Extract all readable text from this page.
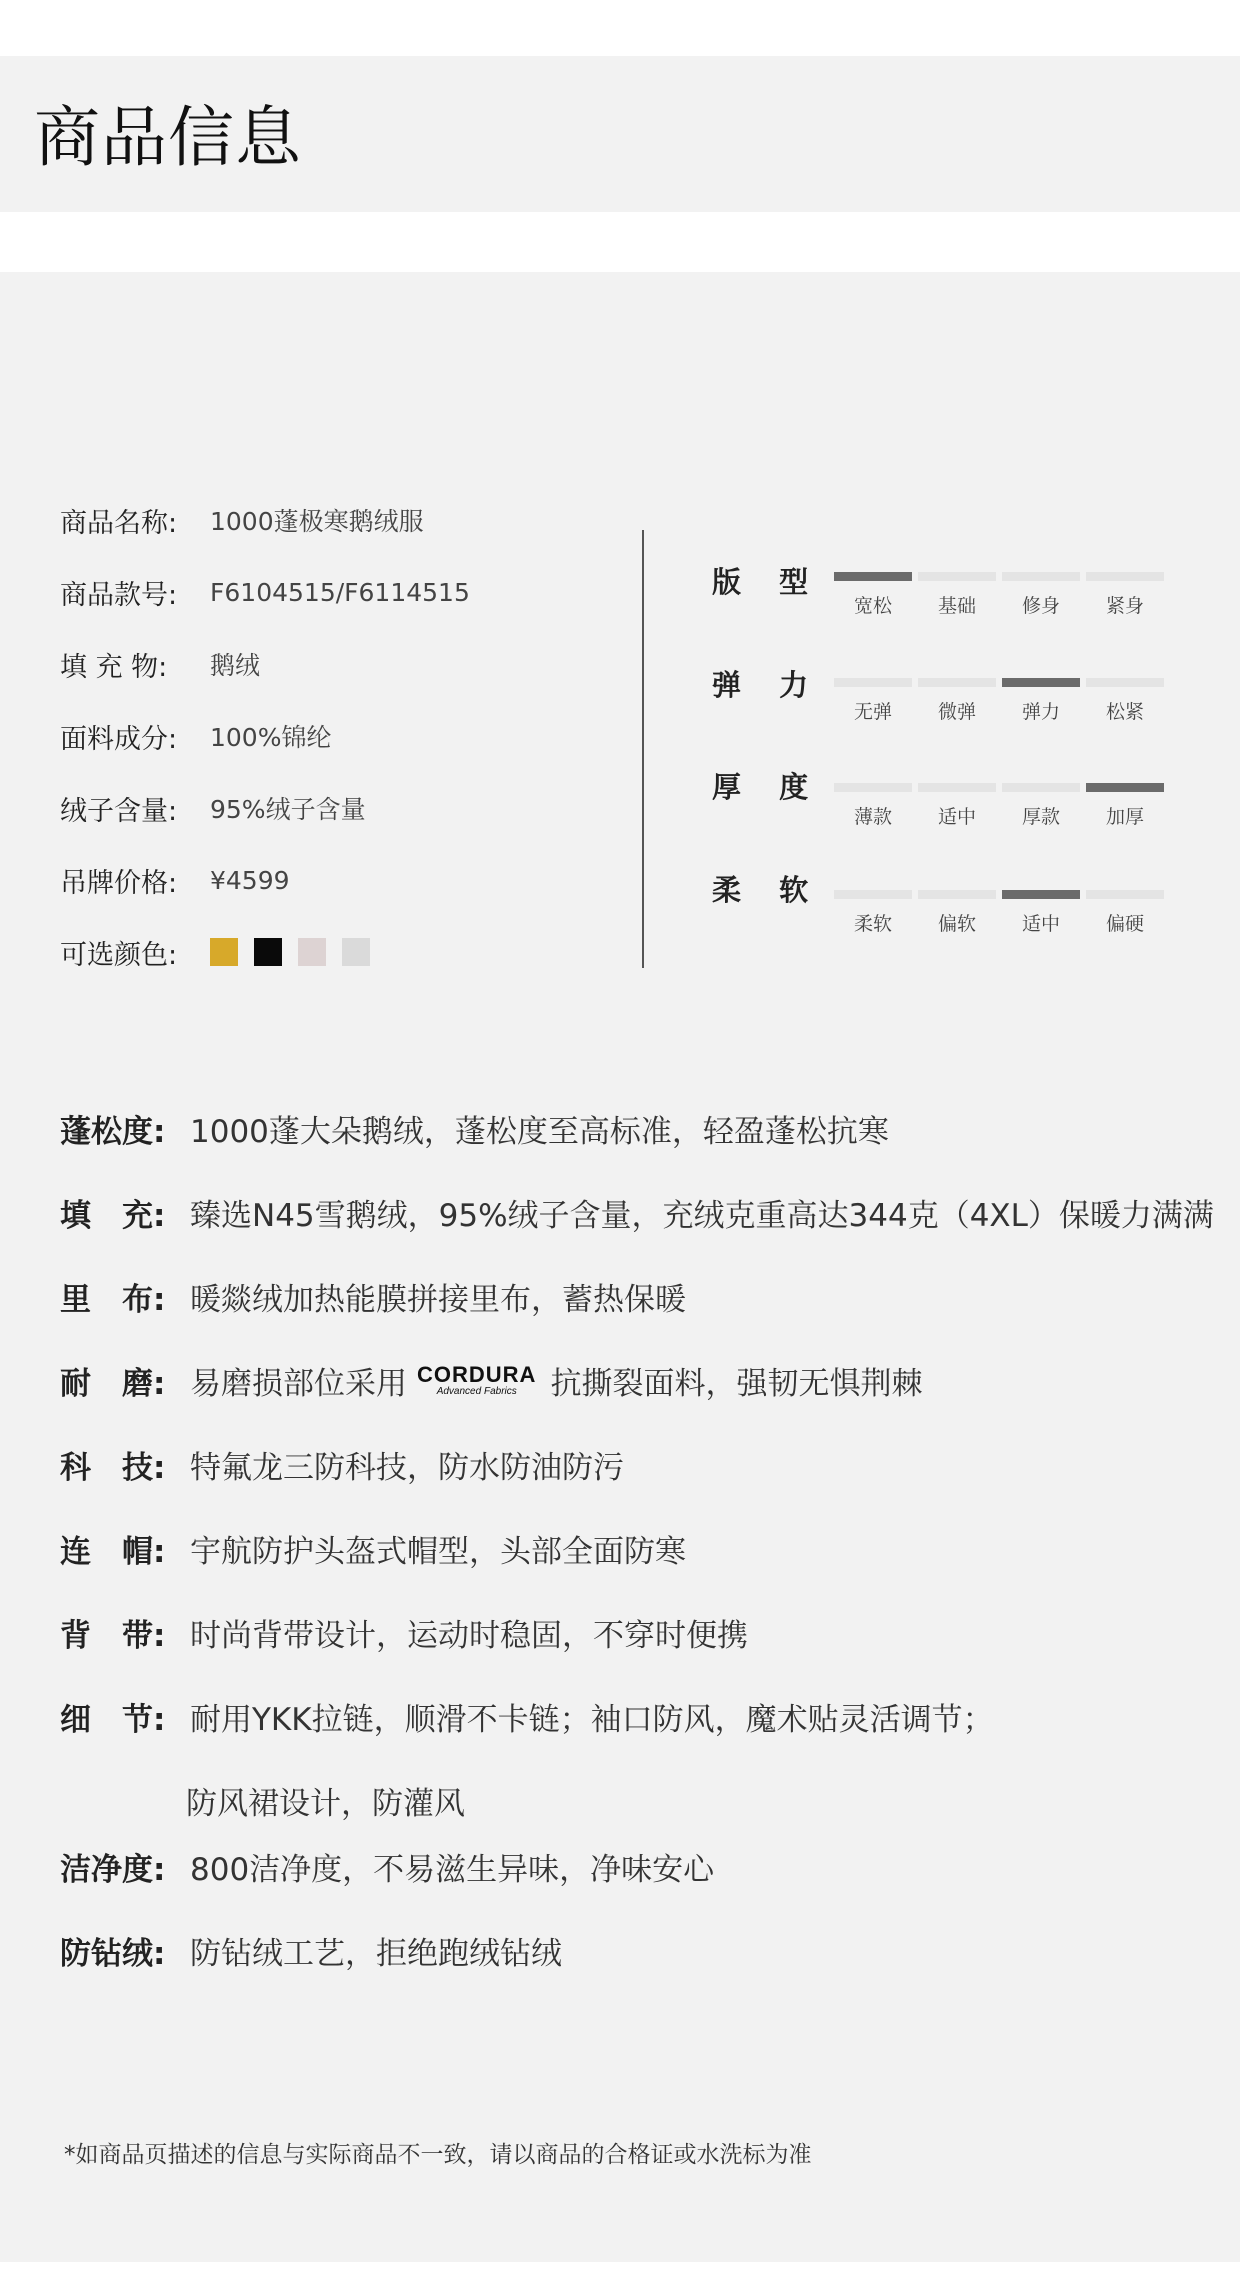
商品信息
商品名称:	1000蓬极寒鹅绒服
商品款号:	F6104515/F6114515
填 充 物:	鹅绒
面料成分:	100%锦纶
绒子含量:	95%绒子含量
吊牌价格:	¥4599
可选颜色:
版 型
宽松 基础 修身 紧身
弹 力
无弹 微弹 弹力 松紧
厚 度
薄款 适中 厚款 加厚
柔 软
柔软 偏软 适中 偏硬
蓬松度: 1000蓬大朵鹅绒，蓬松度至高标准，轻盈蓬松抗寒
填　充: 臻选N45雪鹅绒，95%绒子含量，充绒克重高达344克（4XL）保暖力满满
里　布: 暖燚绒加热能膜拼接里布，蓄热保暖
耐　磨: 易磨损部位采用 CORDURA
Advanced Fabrics 抗撕裂面料，强韧无惧荆棘
科　技: 特氟龙三防科技，防水防油防污
连　帽: 宇航防护头盔式帽型，头部全面防寒
背　带: 时尚背带设计，运动时稳固，不穿时便携
细　节: 耐用YKK拉链，顺滑不卡链；袖口防风，魔术贴灵活调节；
防风裙设计，防灌风
洁净度: 800洁净度，不易滋生异味，净味安心
防钻绒: 防钻绒工艺，拒绝跑绒钻绒
*如商品页描述的信息与实际商品不一致，请以商品的合格证或水洗标为准
